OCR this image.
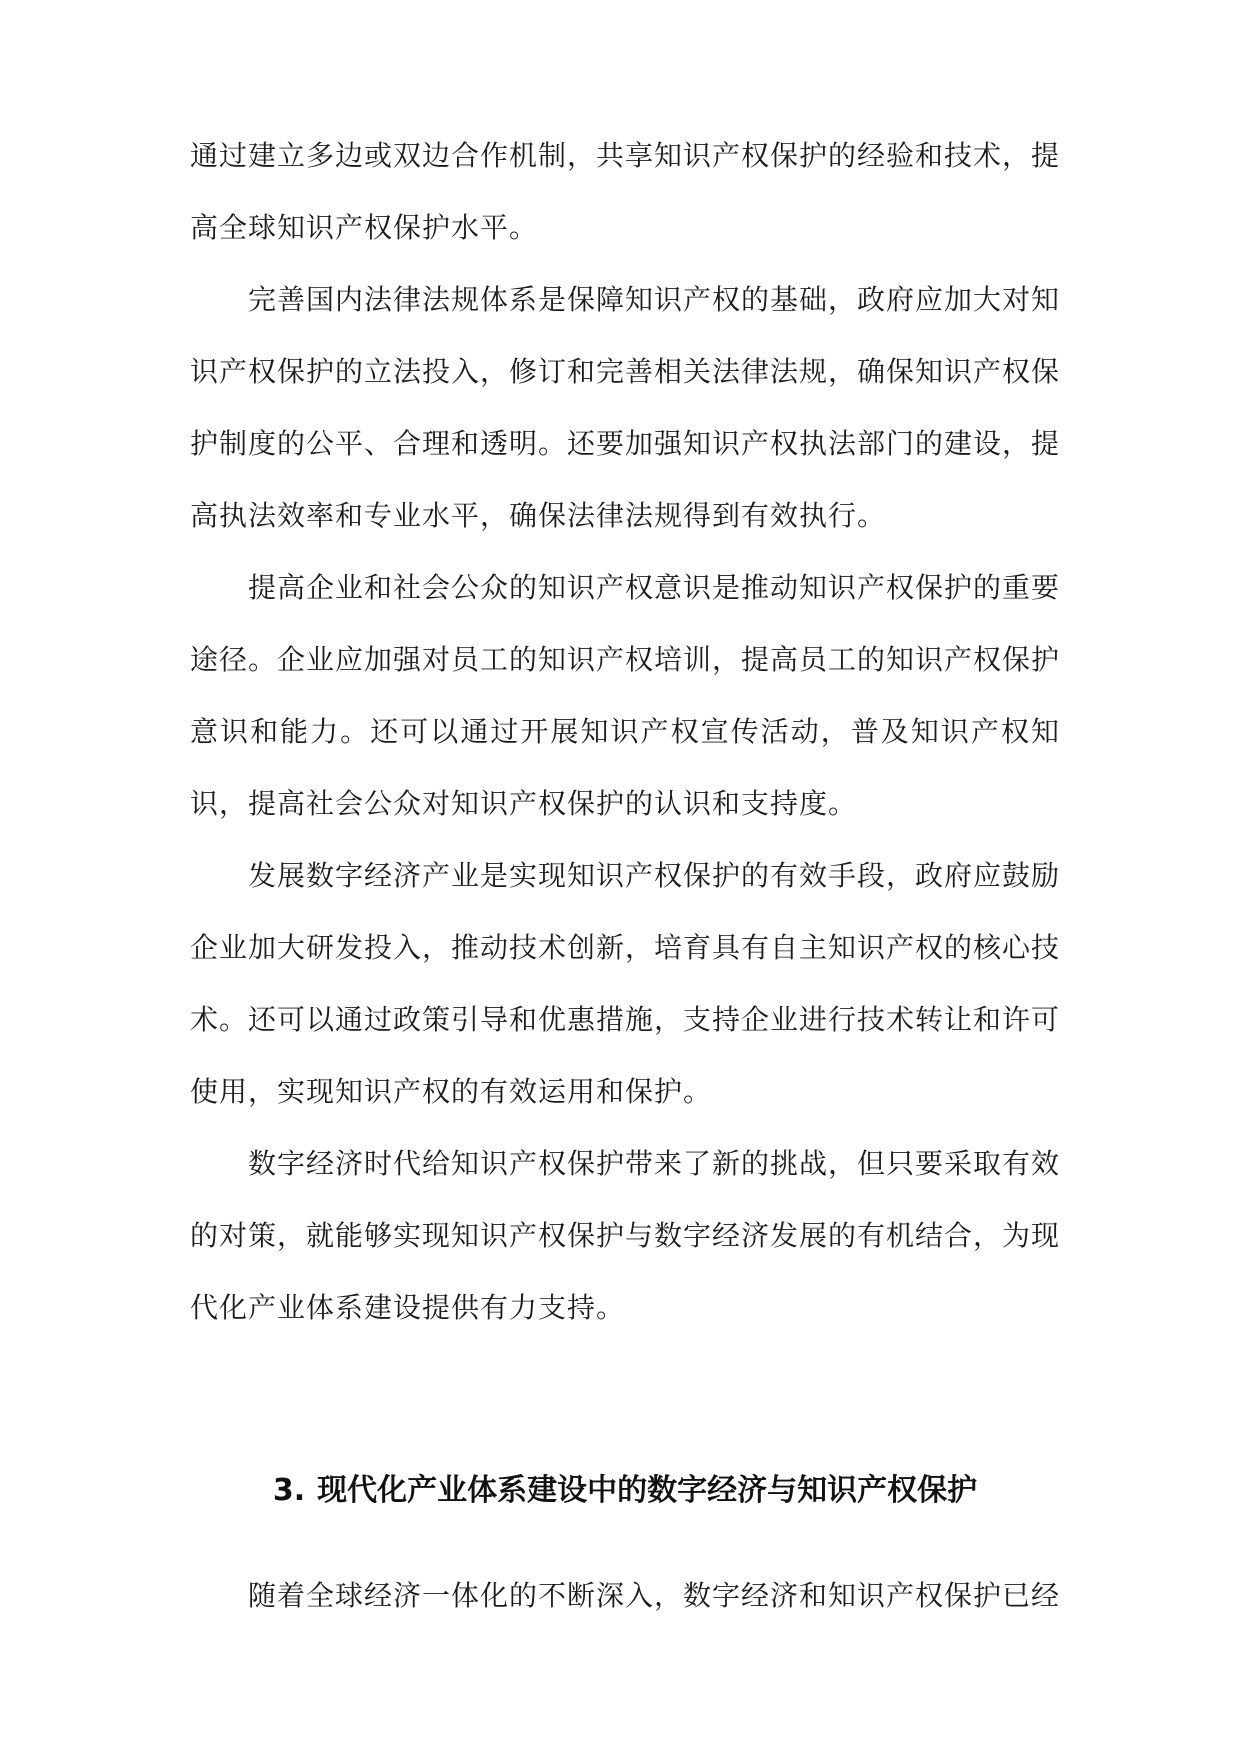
通过建立多边或双边合作机制，共享知识产权保护的经验和技术，提高全球知识产权保护水平。

完善国内法律法规体系是保障知识产权的基础，政府应加大对知识产权保护的立法投入，修订和完善相关法律法规，确保知识产权保护制度的公平、合理和透明。还要加强知识产权执法部门的建设，提高执法效率和专业水平，确保法律法规得到有效执行。

提高企业和社会公众的知识产权意识是推动知识产权保护的重要途径。企业应加强对员工的知识产权培训，提高员工的知识产权保护意识和能力。还可以通过开展知识产权宣传活动，普及知识产权知识，提高社会公众对知识产权保护的认识和支持度。

发展数字经济产业是实现知识产权保护的有效手段，政府应鼓励企业加大研发投入，推动技术创新，培育具有自主知识产权的核心技术。还可以通过政策引导和优惠措施，支持企业进行技术转让和许可使用，实现知识产权的有效运用和保护。

数字经济时代给知识产权保护带来了新的挑战，但只要采取有效的对策，就能够实现知识产权保护与数字经济发展的有机结合，为现代化产业体系建设提供有力支持。

3. 现代化产业体系建设中的数字经济与知识产权保护

随着全球经济一体化的不断深入，数字经济和知识产权保护已经
